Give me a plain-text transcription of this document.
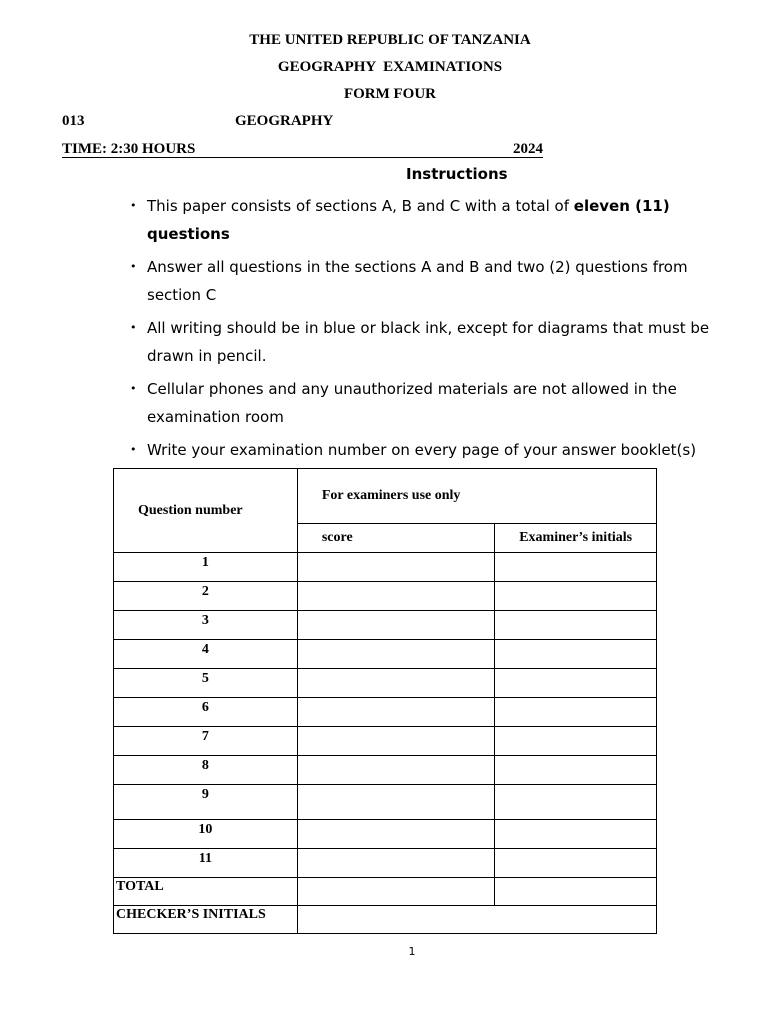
THE UNITED REPUBLIC OF TANZANIA
GEOGRAPHY  EXAMINATIONS
FORM FOUR
013	GEOGRAPHY
TIME: 2:30 HOURS	2024
Instructions
• This paper consists of sections A, B and C with a total of eleven (11) questions
• Answer all questions in the sections A and B and two (2) questions from section C
• All writing should be in blue or black ink, except for diagrams that must be drawn in pencil.
• Cellular phones and any unauthorized materials are not allowed in the examination room
• Write your examination number on every page of your answer booklet(s)
Question number	For examiners use only	
	score	Examiner’s initials
1		
2		
3		
4		
5		
6		
7		
8		
9		
10		
11		
TOTAL		
CHECKER’S INITIALS		
1
